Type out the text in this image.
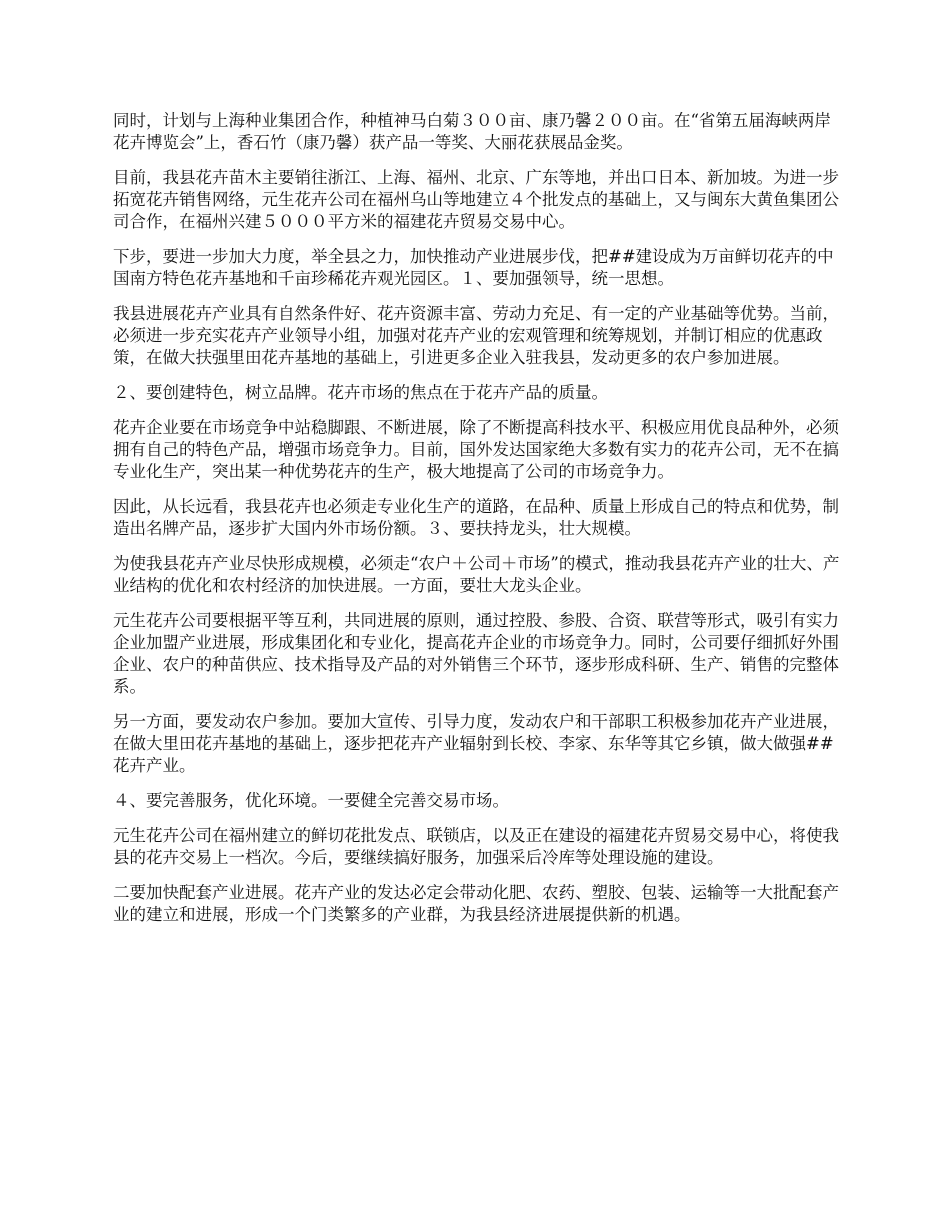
同时，计划与上海种业集团合作，种植神马白菊３００亩、康乃馨２００亩。在“省第五届海峡两岸花卉博览会”上，香石竹（康乃馨）获产品一等奖、大丽花获展品金奖。

目前，我县花卉苗木主要销往浙江、上海、福州、北京、广东等地，并出口日本、新加坡。为进一步拓宽花卉销售网络，元生花卉公司在福州乌山等地建立４个批发点的基础上，又与闽东大黄鱼集团公司合作，在福州兴建５０００平方米的福建花卉贸易交易中心。

下步，要进一步加大力度，举全县之力，加快推动产业进展步伐，把##建设成为万亩鲜切花卉的中国南方特色花卉基地和千亩珍稀花卉观光园区。１、要加强领导，统一思想。

我县进展花卉产业具有自然条件好、花卉资源丰富、劳动力充足、有一定的产业基础等优势。当前，必须进一步充实花卉产业领导小组，加强对花卉产业的宏观管理和统筹规划，并制订相应的优惠政策，在做大扶强里田花卉基地的基础上，引进更多企业入驻我县，发动更多的农户参加进展。

２、要创建特色，树立品牌。花卉市场的焦点在于花卉产品的质量。

花卉企业要在市场竞争中站稳脚跟、不断进展，除了不断提高科技水平、积极应用优良品种外，必须拥有自己的特色产品，增强市场竞争力。目前，国外发达国家绝大多数有实力的花卉公司，无不在搞专业化生产，突出某一种优势花卉的生产，极大地提高了公司的市场竞争力。

因此，从长远看，我县花卉也必须走专业化生产的道路，在品种、质量上形成自己的特点和优势，制造出名牌产品，逐步扩大国内外市场份额。３、要扶持龙头，壮大规模。

为使我县花卉产业尽快形成规模，必须走“农户＋公司＋市场”的模式，推动我县花卉产业的壮大、产业结构的优化和农村经济的加快进展。一方面，要壮大龙头企业。

元生花卉公司要根据平等互利，共同进展的原则，通过控股、参股、合资、联营等形式，吸引有实力企业加盟产业进展，形成集团化和专业化，提高花卉企业的市场竞争力。同时，公司要仔细抓好外围企业、农户的种苗供应、技术指导及产品的对外销售三个环节，逐步形成科研、生产、销售的完整体系。

另一方面，要发动农户参加。要加大宣传、引导力度，发动农户和干部职工积极参加花卉产业进展，在做大里田花卉基地的基础上，逐步把花卉产业辐射到长校、李家、东华等其它乡镇，做大做强##花卉产业。

４、要完善服务，优化环境。一要健全完善交易市场。

元生花卉公司在福州建立的鲜切花批发点、联锁店，以及正在建设的福建花卉贸易交易中心，将使我县的花卉交易上一档次。今后，要继续搞好服务，加强采后冷库等处理设施的建设。

二要加快配套产业进展。花卉产业的发达必定会带动化肥、农药、塑胶、包装、运输等一大批配套产业的建立和进展，形成一个门类繁多的产业群，为我县经济进展提供新的机遇。
